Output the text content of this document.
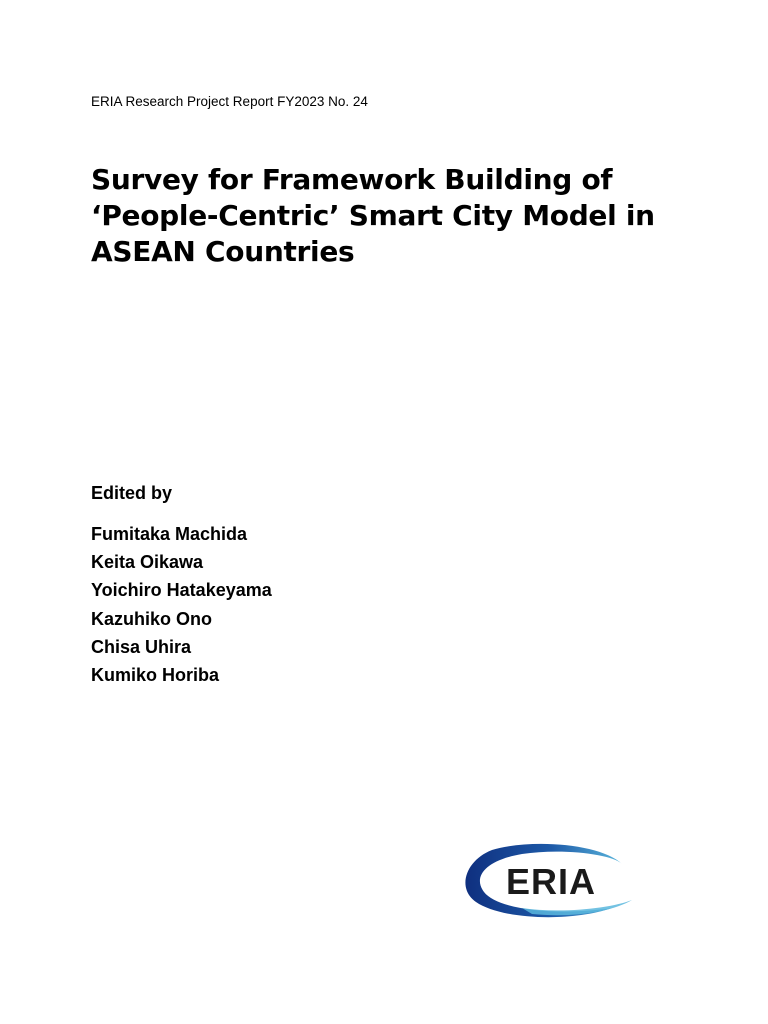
ERIA Research Project Report FY2023 No. 24

Survey for Framework Building of
‘People-Centric’ Smart City Model in
ASEAN Countries

Edited by

Fumitaka Machida
Keita Oikawa
Yoichiro Hatakeyama
Kazuhiko Ono
Chisa Uhira
Kumiko Horiba
ERIA
